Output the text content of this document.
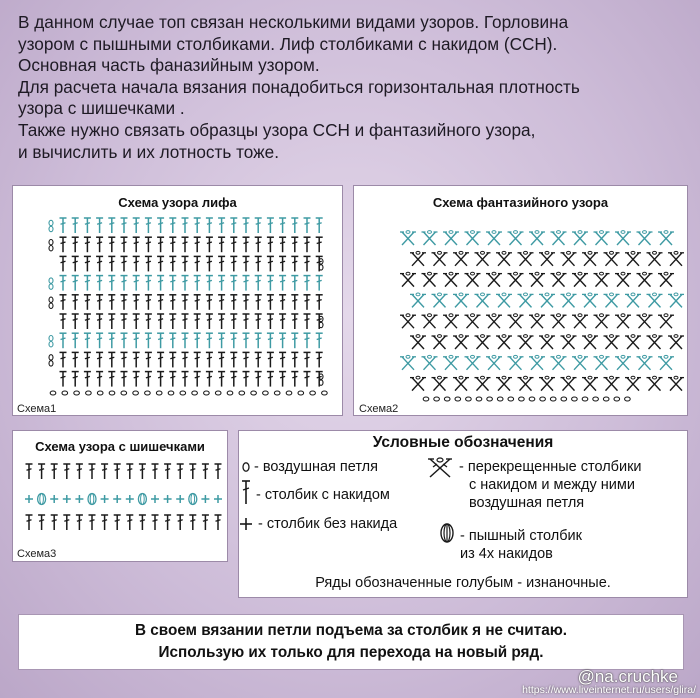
В данном случае топ связан несколькими видами узоров. Горловина
узором с пышными столбиками. Лиф столбиками с накидом (ССН).
Основная часть фаназийным узором.
Для расчета начала вязания понадобиться горизонтальная плотность
узора с шишечками .
Также нужно связать образцы узора ССН и фантазийного узора,
и вычислить и их лотность тоже.
Схема узора лифа
Схема1
Схема фантазийного узора
Схема2
Схема узора с шишечками
Схема3
Условные обозначения
- воздушная петля
- столбик с накидом
- столбик без накида
- перекрещенные столбики
с накидом и между ними
воздушная петля
- пышный столбик
из 4х накидов
Ряды обозначенные голубым - изнаночные.
В своем вязании петли подъема за столбик я не считаю.
Использую их только для перехода на новый ряд.
@na.cruchke
https://www.liveinternet.ru/users/glira/
